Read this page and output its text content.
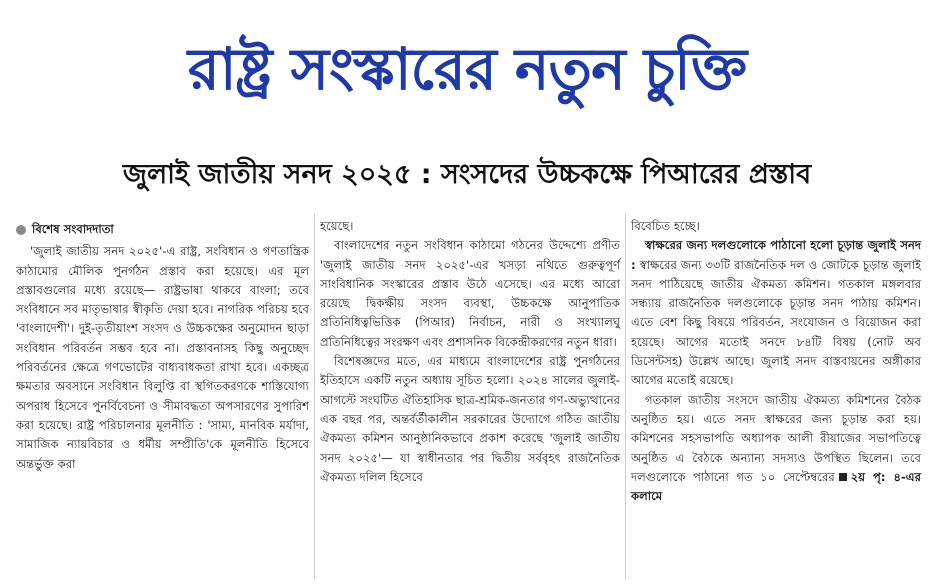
রাষ্ট্র সংস্কারের নতুন চুক্তি
জুলাই জাতীয় সনদ ২০২৫ : সংসদের উচ্চকক্ষে পিআরের প্রস্তাব

বিশেষ সংবাদদাতা

'জুলাই জাতীয় সনদ ২০২৫'-এ রাষ্ট্র, সংবিধান ও গণতান্ত্রিক কাঠামোর মৌলিক পুনর্গঠন প্রস্তাব করা হয়েছে। এর মূল প্রস্তাবগুলোর মধ্যে রয়েছে— রাষ্ট্রভাষা থাকবে বাংলা; তবে সংবিধানে সব মাতৃভাষার স্বীকৃতি দেয়া হবে। নাগরিক পরিচয় হবে 'বাংলাদেশী'। দুই-তৃতীয়াংশ সংসদ ও উচ্চকক্ষের অনুমোদন ছাড়া সংবিধান পরিবর্তন সম্ভব হবে না। প্রস্তাবনাসহ কিছু অনুচ্ছেদ পরিবর্তনের ক্ষেত্রে গণভোটের বাধ্যবাধকতা রাখা হবে। একচ্ছত্র ক্ষমতার অবসানে সংবিধান বিলুপ্তি বা স্থগিতকরণকে শাস্তিযোগ্য অপরাধ হিসেবে পুনর্বিবেচনা ও সীমাবদ্ধতা অপসারণের সুপারিশ করা হয়েছে। রাষ্ট্র পরিচালনার মূলনীতি : 'সাম্য, মানবিক মর্যাদা, সামাজিক ন্যায়বিচার ও ধর্মীয় সম্প্রীতি'কে মূলনীতি হিসেবে অন্তর্ভুক্ত করা

হয়েছে।

বাংলাদেশের নতুন সংবিধান কাঠামো গঠনের উদ্দেশ্যে প্রণীত 'জুলাই জাতীয় সনদ ২০২৫'-এর খসড়া নথিতে গুরুত্বপূর্ণ সাংবিধানিক সংস্কারের প্রস্তাব উঠে এসেছে। এর মধ্যে আরো রয়েছে দ্বিকক্ষীয় সংসদ ব্যবস্থা, উচ্চকক্ষে আনুপাতিক প্রতিনিধিত্বভিত্তিক (পিআর) নির্বাচন, নারী ও সংখ্যালঘু প্রতিনিধিত্বের সংরক্ষণ এবং প্রশাসনিক বিকেন্দ্রীকরণের নতুন ধারা।

বিশেষজ্ঞদের মতে, এর মাধ্যমে বাংলাদেশের রাষ্ট্র পুনর্গঠনের ইতিহাসে একটি নতুন অধ্যায় সূচিত হলো। ২০২৪ সালের জুলাই-আগস্টে সংঘটিত ঐতিহাসিক ছাত্র-শ্রমিক-জনতার গণ-অভ্যুত্থানের এক বছর পর, অন্তর্বর্তীকালীন সরকারের উদ্যোগে গঠিত জাতীয় ঐকমত্য কমিশন আনুষ্ঠানিকভাবে প্রকাশ করেছে 'জুলাই জাতীয় সনদ ২০২৫'— যা স্বাধীনতার পর দ্বিতীয় সর্ববৃহৎ রাজনৈতিক ঐকমত্য দলিল হিসেবে

বিবেচিত হচ্ছে।

স্বাক্ষরের জন্য দলগুলোকে পাঠানো হলো চূড়ান্ত জুলাই সনদ : স্বাক্ষরের জন্য ৩৩টি রাজনৈতিক দল ও জোটকে চূড়ান্ত জুলাই সনদ পাঠিয়েছে জাতীয় ঐকমত্য কমিশন। গতকাল মঙ্গলবার সন্ধ্যায় রাজনৈতিক দলগুলোকে চূড়ান্ত সনদ পাঠায় কমিশন। এতে বেশ কিছু বিষয়ে পরিবর্তন, সংযোজন ও বিয়োজন করা হয়েছে। আগের মতোই সনদে ৮৪টি বিষয় (নোট অব ডিসেন্টসহ) উল্লেখ আছে। জুলাই সনদ বাস্তবায়নের অঙ্গীকার আগের মতোই রয়েছে।

গতকাল জাতীয় সংসদে জাতীয় ঐকমত্য কমিশনের বৈঠক অনুষ্ঠিত হয়। এতে সনদ স্বাক্ষরের জন্য চূড়ান্ত করা হয়। কমিশনের সহসভাপতি অধ্যাপক আলী রীয়াজের সভাপতিত্বে অনুষ্ঠিত এ বৈঠকে অন্যান্য সদস্যও উপস্থিত ছিলেন। তবে দলগুলোকে পাঠানো গত ১০ সেপ্টেম্বরের ২য় পৃ: ৪-এর কলামে
